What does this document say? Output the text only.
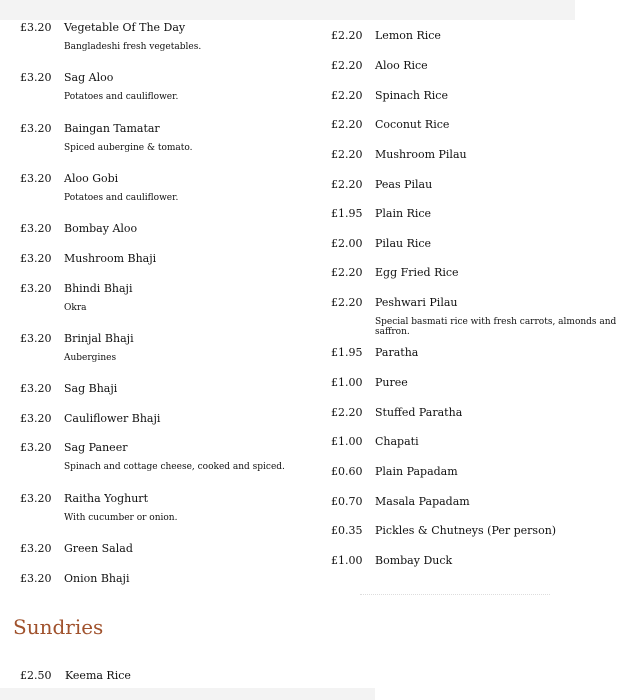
£3.20	Vegetable Of The Day
Bangladeshi fresh vegetables.
£3.20	Sag Aloo
Potatoes and cauliflower.
£3.20	Baingan Tamatar
Spiced aubergine & tomato.
£3.20	Aloo Gobi
Potatoes and cauliflower.
£3.20	Bombay Aloo
£3.20	Mushroom Bhaji
£3.20	Bhindi Bhaji
Okra
£3.20	Brinjal Bhaji
Aubergines
£3.20	Sag Bhaji
£3.20	Cauliflower Bhaji
£3.20	Sag Paneer
Spinach and cottage cheese, cooked and spiced.
£3.20	Raitha Yoghurt
With cucumber or onion.
£3.20	Green Salad
£3.20	Onion Bhaji
£2.20	Lemon Rice
£2.20	Aloo Rice
£2.20	Spinach Rice
£2.20	Coconut Rice
£2.20	Mushroom Pilau
£2.20	Peas Pilau
£1.95	Plain Rice
£2.00	Pilau Rice
£2.20	Egg Fried Rice
£2.20	Peshwari Pilau
Special basmati rice with fresh carrots, almonds and saffron.
£1.95	Paratha
£1.00	Puree
£2.20	Stuffed Paratha
£1.00	Chapati
£0.60	Plain Papadam
£0.70	Masala Papadam
£0.35	Pickles & Chutneys (Per person)
£1.00	Bombay Duck
Sundries
£2.50	Keema Rice
